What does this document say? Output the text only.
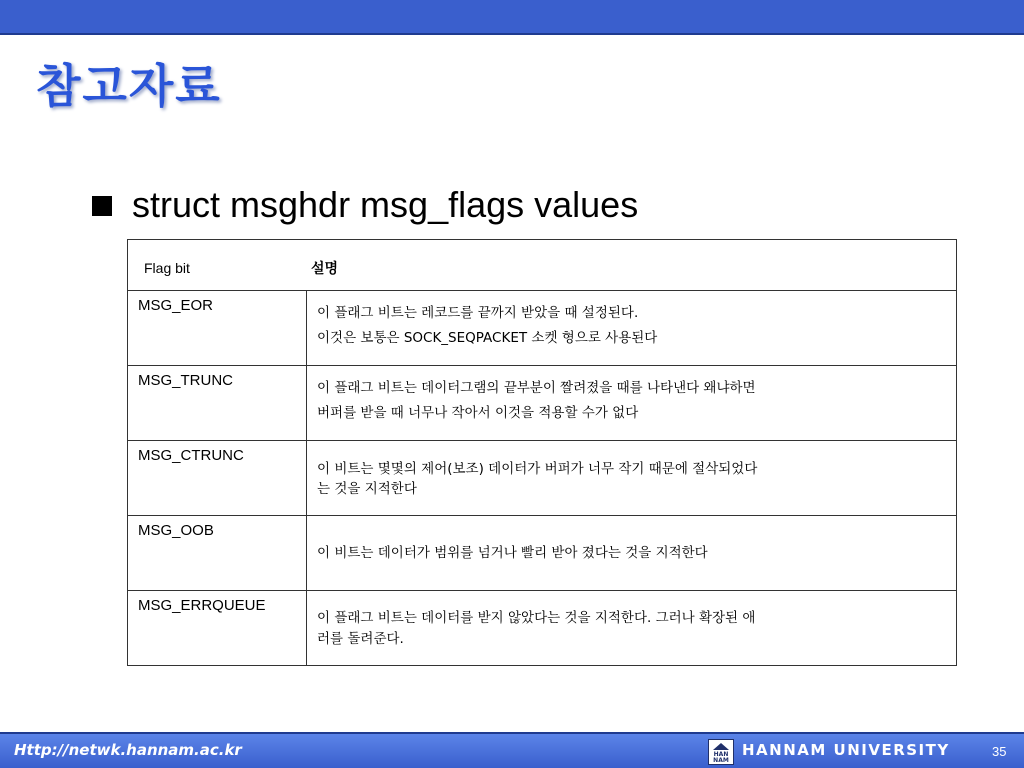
참고자료
struct msghdr msg_flags values
Flag bit 설명	
MSG_EOR	이 플래그 비트는 레코드를 끝까지 받았을 때 설정된다.
이것은 보통은 SOCK_SEQPACKET 소켓 형으로 사용된다

MSG_TRUNC	이 플래그 비트는 데이터그램의 끝부분이 짤려졌을 때를 나타낸다 왜냐하면
버퍼를 받을 때 너무나 작아서 이것을 적용할 수가 없다

MSG_CTRUNC	이 비트는 몇몇의 제어(보조) 데이터가 버퍼가 너무 작기 때문에 절삭되었다
는 것을 지적한다

MSG_OOB	이 비트는 데이터가 범위를 넘거나 빨리 받아 졌다는 것을 지적한다

MSG_ERRQUEUE	이 플래그 비트는 데이터를 받지 않았다는 것을 지적한다. 그러나 확장된 애
러를 돌려준다.
Http://netwk.hannam.ac.kr	HAN
NAM
HANNAM UNIVERSITY	35
